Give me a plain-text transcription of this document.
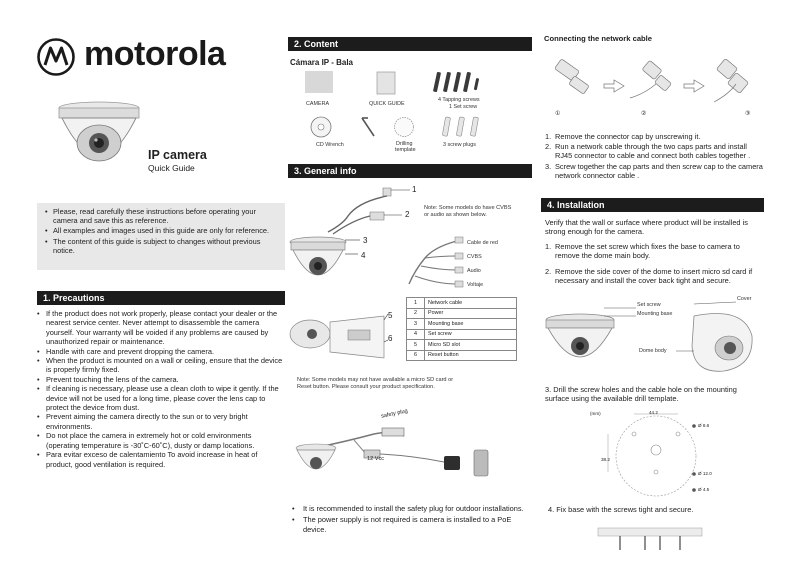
motorola
IP camera
Quick Guide
• Please, read carefully these instructions before operating your camera and save this as reference.
• All examples and images used in this guide are only for reference.
• The content of this guide is subject to changes without previous notice.
1. Precautions
• If the product does not work properly, please contact your dealer or the nearest service center. Never attempt to disassemble the camera yourself. Your warranty will be voided if any problems are caused by unauthorized repair or maintenance.
• Handle with care and prevent dropping the camera.
• When the product is mounted on a wall or ceiling, ensure that the device is properly firmly fixed.
• Prevent touching the lens of the camera.
• If cleaning is necessary, please use a clean cloth to wipe it gently. If the device will not be used for a long time, please cover the lens cap to protect the device from dust.
• Prevent aiming the camera directly to the sun or to very bright environments.
• Do not place the camera in extremely hot or cold environments (operating temperature is -30˚C-60˚C), dusty or damp locations.
• Para evitar exceso de calentamiento To avoid increase in heat of product, good ventilation is required.
2. Content
Cámara IP - Bala
CAMERA	QUICK GUIDE
4 Tapping screws
1 Set screw
CD Wrench	Drilling
template
3 screw plugs
3. General info
1
2
3
4
Note: Some models do have CVBS or audio as shown below.
Cable de red
CVBS
Audio
Voltaje
5
6
1	Network cable
2	Power
3	Mounting base
4	Set screw
5	Micro SD slot
6	Reset button
Note: Some models may not have available a micro SD card or
Reset button. Please consult your product specification.
safety plug
12 Vcc
• It is recommended to install the safety plug for outdoor installations.
• The power supply is not required is camera is installed to a PoE device.
Connecting the network cable
①	②	③
1. Remove the connector cap by unscrewing it.
2. Run a network cable through the two caps parts and install RJ45 connector to cable and connect both cables together .
3. Screw together the cap parts and then screw cap to the camera network connector cable .
4. Installation
Verify that the wall or surface where product will be installed is strong enough for the camera.
1. Remove the set screw which fixes the base to camera to remove the dome main body.
2. Remove the side cover of the dome to insert micro sd card if necessary and install the cover back tight and secure.
Set screw
Mounting base
Cover
Dome body
3. Drill the screw holes and the cable hole on the mounting surface using the available drill template.
(mm)	44.2
38.2
Ø 8.6
Ø 12.0
Ø 4.5
4. Fix base with the screws tight and secure.
